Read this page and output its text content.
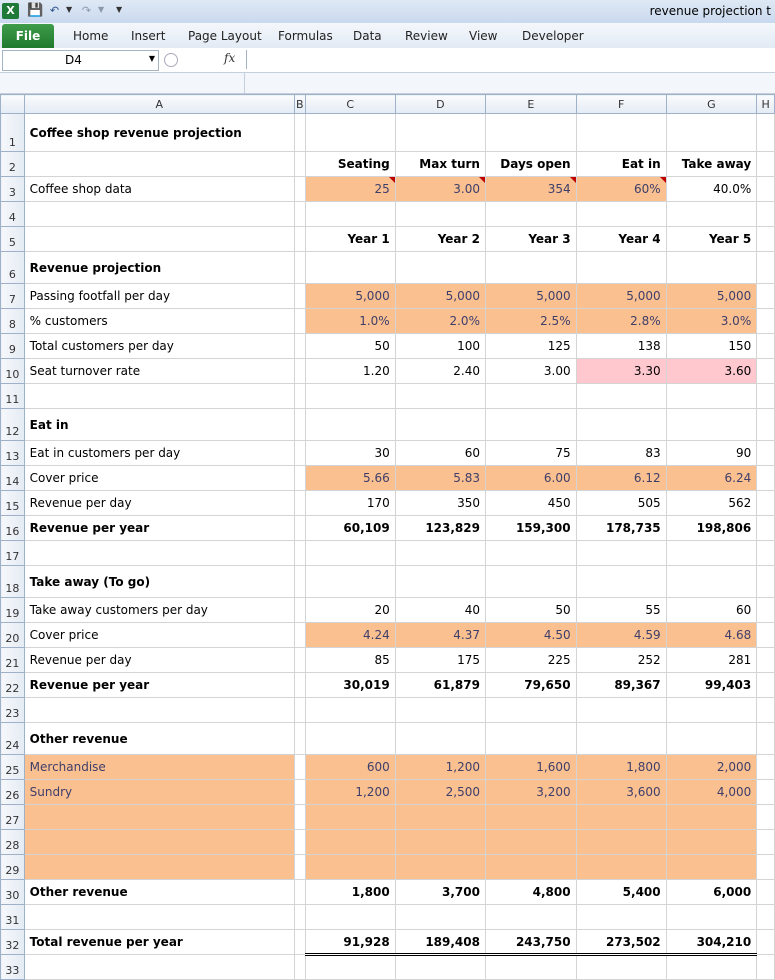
X 💾 ↶ ▼ ↷ ▼ ▼	revenue projection t
File	Home Insert Page Layout Formulas Data Review View Developer
D4	▼	fx
	A	B	C	D	E	F	G	H
1	Coffee shop revenue projection							
2			Seating	Max turn	Days open	Eat in	Take away	
3	Coffee shop data		25	3.00	354	60%	40.0%	
4								
5			Year 1	Year 2	Year 3	Year 4	Year 5	
6	Revenue projection							
7	Passing footfall per day		5,000	5,000	5,000	5,000	5,000	
8	% customers		1.0%	2.0%	2.5%	2.8%	3.0%	
9	Total customers per day		50	100	125	138	150	
10	Seat turnover rate		1.20	2.40	3.00	3.30	3.60	
11								
12	Eat in							
13	Eat in customers per day		30	60	75	83	90	
14	Cover price		5.66	5.83	6.00	6.12	6.24	
15	Revenue per day		170	350	450	505	562	
16	Revenue per year		60,109	123,829	159,300	178,735	198,806	
17								
18	Take away (To go)							
19	Take away customers per day		20	40	50	55	60	
20	Cover price		4.24	4.37	4.50	4.59	4.68	
21	Revenue per day		85	175	225	252	281	
22	Revenue per year		30,019	61,879	79,650	89,367	99,403	
23								
24	Other revenue							
25	Merchandise		600	1,200	1,600	1,800	2,000	
26	Sundry		1,200	2,500	3,200	3,600	4,000	
27								
28								
29								
30	Other revenue		1,800	3,700	4,800	5,400	6,000	
31								
32	Total revenue per year		91,928	189,408	243,750	273,502	304,210	
33								
